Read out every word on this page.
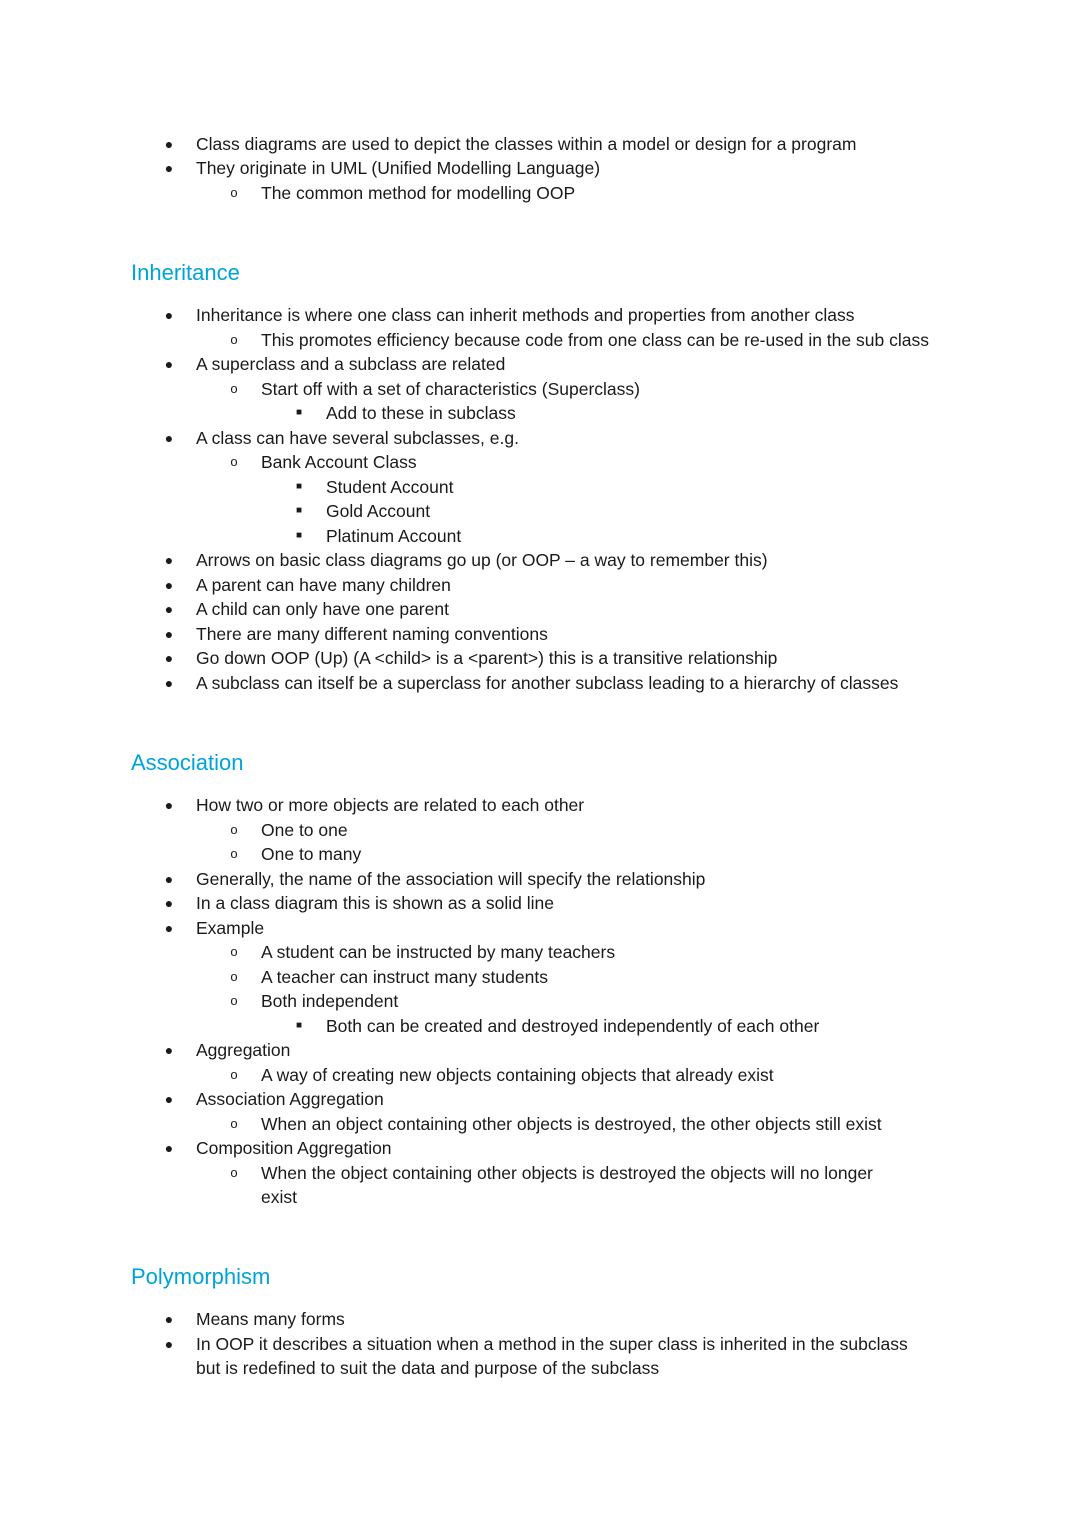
● Class diagrams are used to depict the classes within a model or design for a program
● They originate in UML (Unified Modelling Language)
o The common method for modelling OOP
Inheritance
● Inheritance is where one class can inherit methods and properties from another class
o This promotes efficiency because code from one class can be re-used in the sub class
● A superclass and a subclass are related
o Start off with a set of characteristics (Superclass)
■ Add to these in subclass
● A class can have several subclasses, e.g.
o Bank Account Class
■ Student Account
■ Gold Account
■ Platinum Account
● Arrows on basic class diagrams go up (or OOP – a way to remember this)
● A parent can have many children
● A child can only have one parent
● There are many different naming conventions
● Go down OOP (Up) (A <child> is a <parent>) this is a transitive relationship
● A subclass can itself be a superclass for another subclass leading to a hierarchy of classes
Association
● How two or more objects are related to each other
o One to one
o One to many
● Generally, the name of the association will specify the relationship
● In a class diagram this is shown as a solid line
● Example
o A student can be instructed by many teachers
o A teacher can instruct many students
o Both independent
■ Both can be created and destroyed independently of each other
● Aggregation
o A way of creating new objects containing objects that already exist
● Association Aggregation
o When an object containing other objects is destroyed, the other objects still exist
● Composition Aggregation
o When the object containing other objects is destroyed the objects will no longer
exist
Polymorphism
● Means many forms
● In OOP it describes a situation when a method in the super class is inherited in the subclass
but is redefined to suit the data and purpose of the subclass
